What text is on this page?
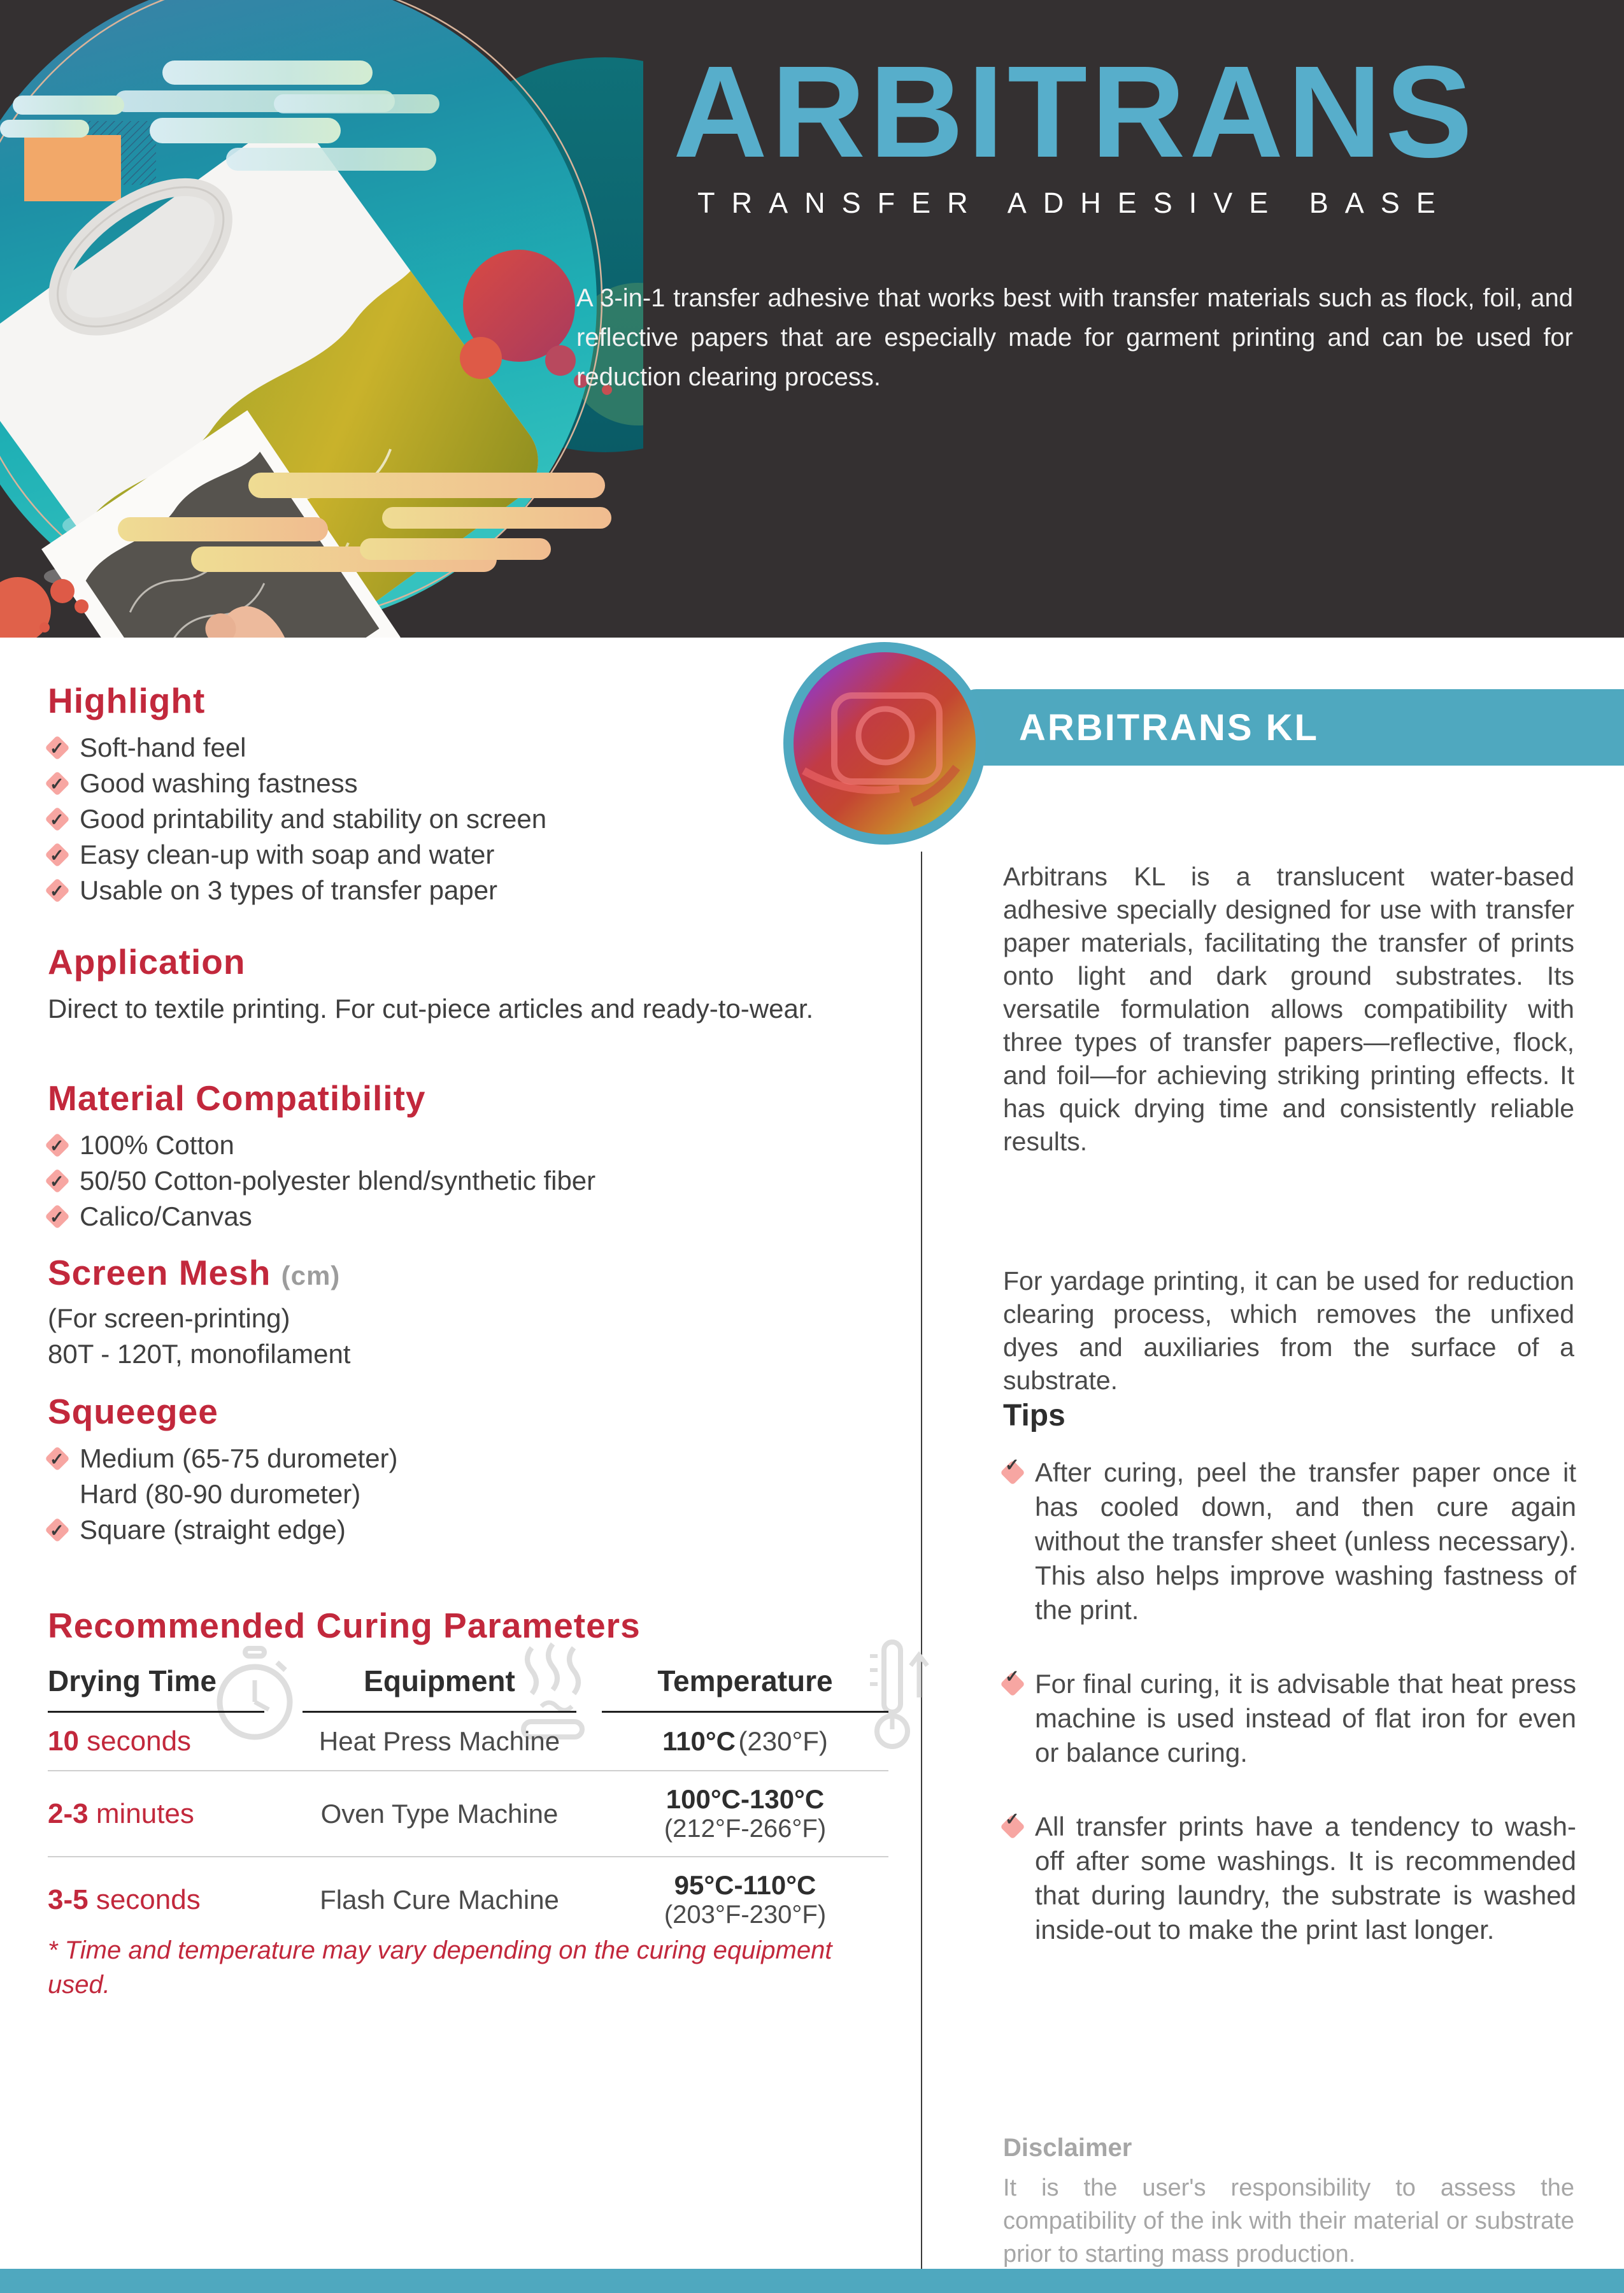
ARBITRANS
TRANSFER ADHESIVE BASE
A 3-in-1 transfer adhesive that works best with transfer materials such as flock, foil, and reflective papers that are especially made for garment printing and can be used for reduction clearing process.
Highlight
✓ Soft-hand feel
✓ Good washing fastness
✓ Good printability and stability on screen
✓ Easy clean-up with soap and water
✓ Usable on 3 types of transfer paper
Application
Direct to textile printing. For cut-piece articles and ready-to-wear.
Material Compatibility
✓ 100% Cotton
✓ 50/50 Cotton-polyester blend/synthetic fiber
✓ Calico/Canvas
Screen Mesh (cm)
(For screen-printing)
80T - 120T, monofilament
Squeegee
✓ Medium (65-75 durometer)
Hard (80-90 durometer)
✓ Square (straight edge)
Recommended Curing Parameters
Drying Time	Equipment	Temperature
10 seconds	Heat Press Machine	110°C (230°F)
2-3 minutes	Oven Type Machine	100°C-130°C
(212°F-266°F)
3-5 seconds	Flash Cure Machine	95°C-110°C
(203°F-230°F)
* Time and temperature may vary depending on the curing equipment used.
ARBITRANS KL
Arbitrans KL is a translucent water-based adhesive specially designed for use with transfer paper materials, facilitating the transfer of prints onto light and dark ground substrates. Its versatile formulation allows compatibility with three types of transfer papers—reflective, flock, and foil—for achieving striking printing effects. It has quick drying time and consistently reliable results.
For yardage printing, it can be used for reduction clearing process, which removes the unfixed dyes and auxiliaries from the surface of a substrate.
Tips
✓ After curing, peel the transfer paper once it has cooled down, and then cure again without the transfer sheet (unless necessary). This also helps improve washing fastness of the print.
✓ For final curing, it is advisable that heat press machine is used instead of flat iron for even or balance curing.
✓ All transfer prints have a tendency to wash-off after some washings. It is recommended that during laundry, the substrate is washed inside-out to make the print last longer.
Disclaimer
It is the user's responsibility to assess the compatibility of the ink with their material or substrate prior to starting mass production.
